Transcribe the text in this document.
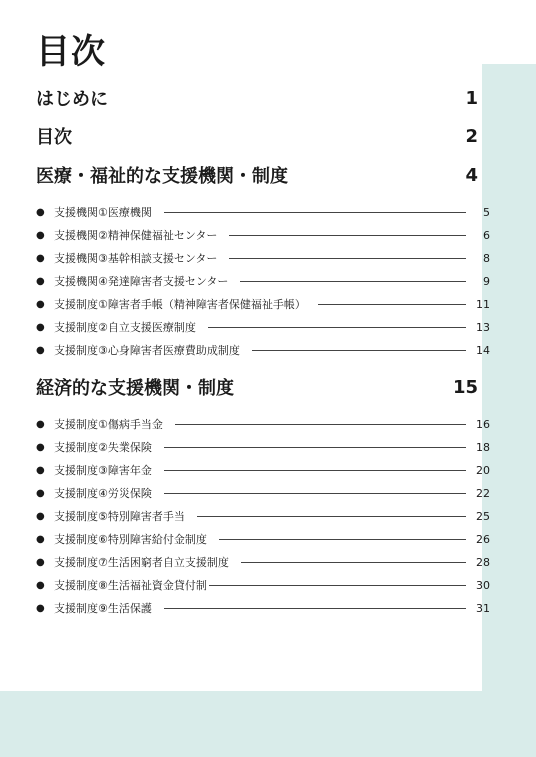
目次
はじめに	1
目次	2
医療・福祉的な支援機関・制度	4
● 支援機関①医療機関	5
● 支援機関②精神保健福祉センター	6
● 支援機関③基幹相談支援センター	8
● 支援機関④発達障害者支援センター	9
● 支援制度①障害者手帳（精神障害者保健福祉手帳）	11
● 支援制度②自立支援医療制度	13
● 支援制度③心身障害者医療費助成制度	14
経済的な支援機関・制度	15
● 支援制度①傷病手当金	16
● 支援制度②失業保険	18
● 支援制度③障害年金	20
● 支援制度④労災保険	22
● 支援制度⑤特別障害者手当	25
● 支援制度⑥特別障害給付金制度	26
● 支援制度⑦生活困窮者自立支援制度	28
● 支援制度⑧生活福祉資金貸付制	30
● 支援制度⑨生活保護	31
